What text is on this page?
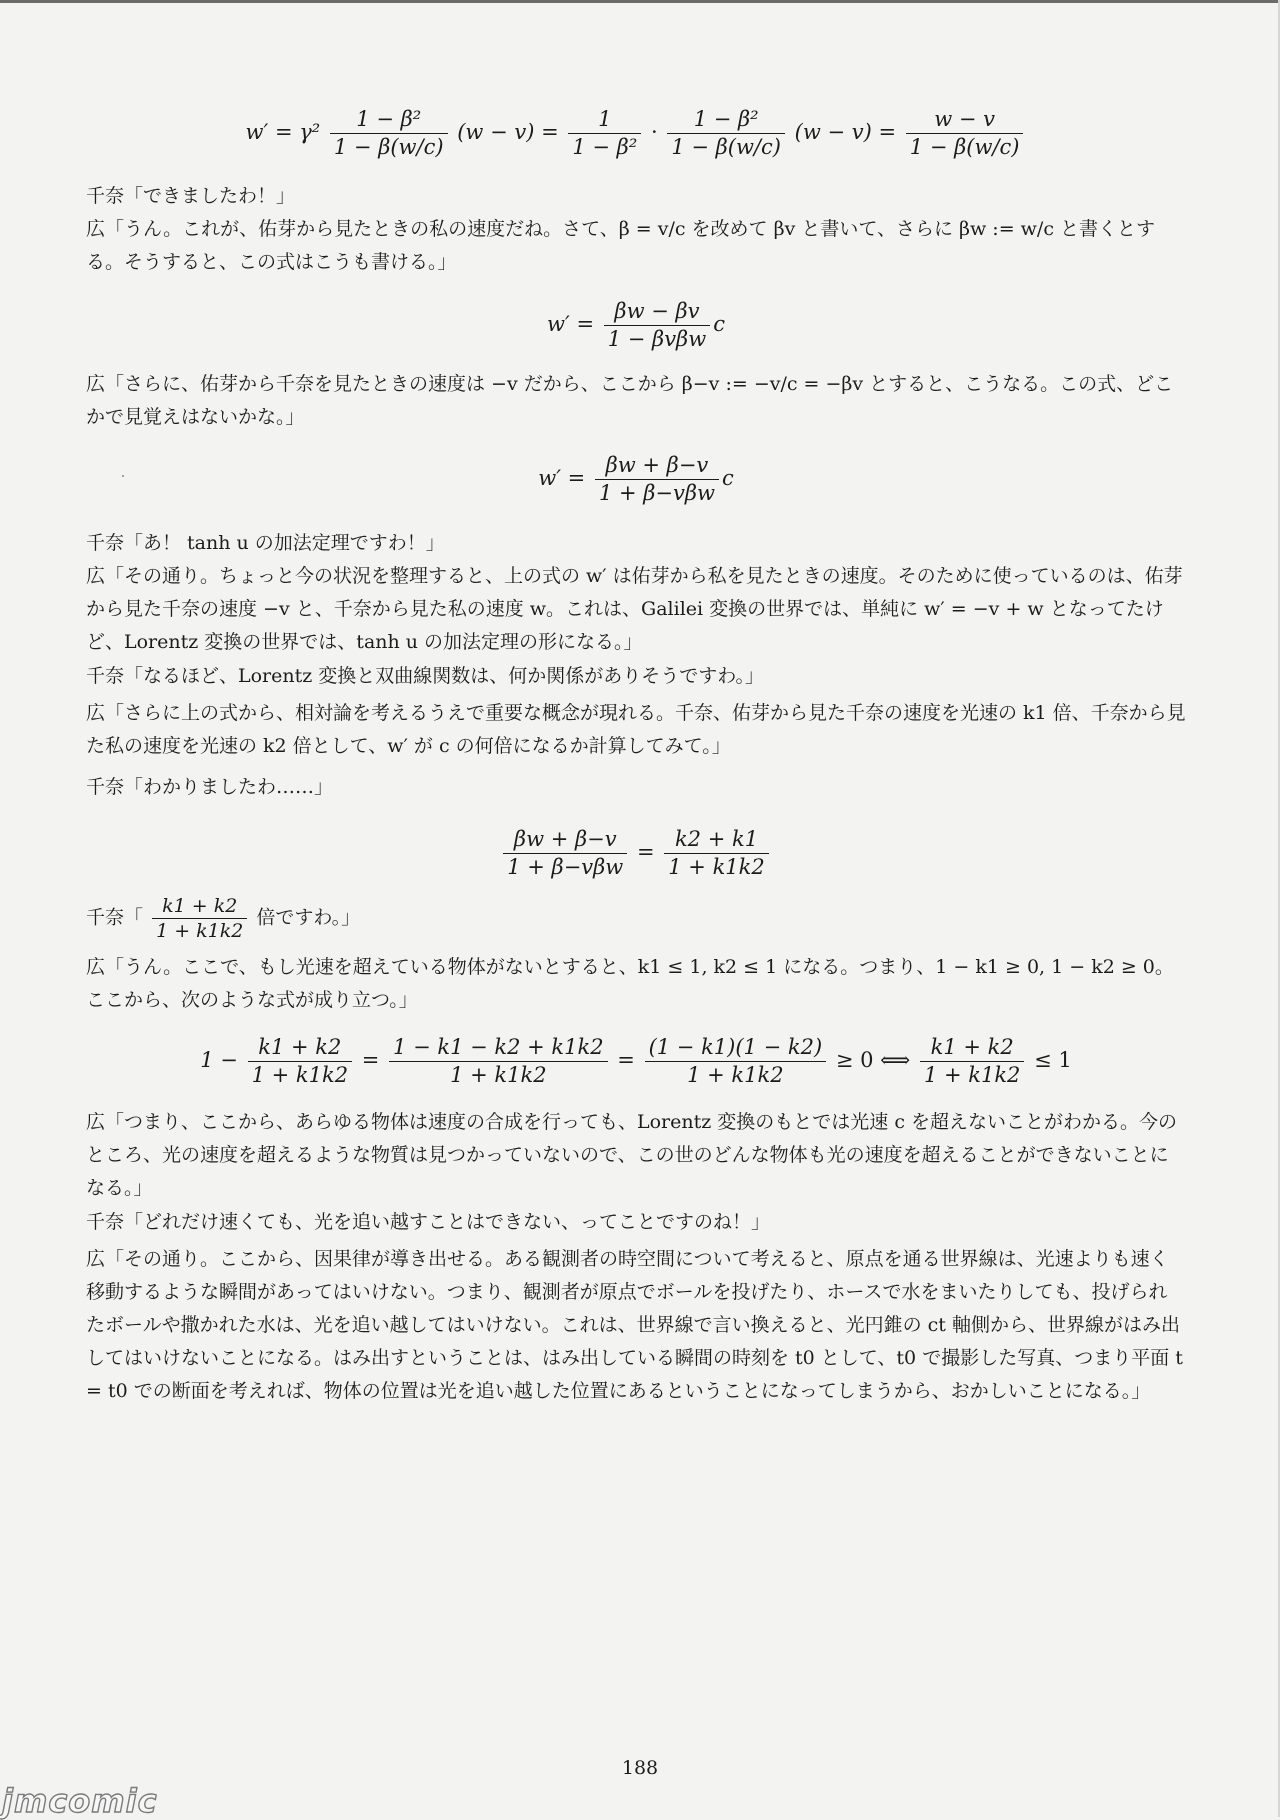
$w' = \gamma^2 \frac{\text{1 − β²}}{1 - \beta(w/c)} (w - v) = \frac{1}{\text{1 − β²}} \cdot \frac{\text{1 − β²}}{1 - \beta(w/c)} (w - v) = \frac{w - v}{1 - \beta(w/c)}$
千奈「できましたわ！」
広「うん。これが、佑芽から見たときの私の速度だね。さて、β = v/c を改めて βv と書いて、さらに βw := w/c と書くとする。そうすると、この式はこうも書ける。」
$w' = \frac{\beta w - \beta v}{\text{1 − βvβw}}$ c
広「さらに、佑芽から千奈を見たときの速度は −v だから、ここから β−v := −v/c = −βv とすると、こうなる。この式、どこかで見覚えはないかな。」
$w' = \frac{\beta w + \beta-v}{\text{1 + β−vβw}}$ c
千奈「あ！ tanh u の加法定理ですわ！」
広「その通り。ちょっと今の状況を整理すると、上の式の w′ は佑芽から私を見たときの速度。そのために使っているのは、佑芽から見た千奈の速度 −v と、千奈から見た私の速度 w。これは、Galilei 変換の世界では、単純に w′ = −v + w となってたけど、Lorentz 変換の世界では、tanh u の加法定理の形になる。」
千奈「なるほど、Lorentz 変換と双曲線関数は、何か関係がありそうですわ。」
広「さらに上の式から、相対論を考えるうえで重要な概念が現れる。千奈、佑芽から見た千奈の速度を光速の k1 倍、千奈から見た私の速度を光速の k2 倍として、w′ が c の何倍になるか計算してみて。」
千奈「わかりましたわ……」
$\frac{\beta w + \beta-v}{\text{1 + β−vβw}} = \frac{k2 + k1}{1 + k1k2}$
千奈「 $\frac{k1 + k2}{1 + k1k2}$ 倍ですわ。」
広「うん。ここで、もし光速を超えている物体がないとすると、k1 ≤ 1, k2 ≤ 1 になる。つまり、1 − k1 ≥ 0, 1 − k2 ≥ 0。ここから、次のような式が成り立つ。」
$1 - \frac{k1 + k2}{1 + k1k2} = \frac{1 - k1 - k2 + k1k2}{1 + k1k2} = \frac{(1 - k1)(1 - k2)}{1 + k1k2} \ge 0$ ⟺ $\frac{k1 + k2}{1 + k1k2} \le 1$
広「つまり、ここから、あらゆる物体は速度の合成を行っても、Lorentz 変換のもとでは光速 c を超えないことがわかる。今のところ、光の速度を超えるような物質は見つかっていないので、この世のどんな物体も光の速度を超えることができないことになる。」
千奈「どれだけ速くても、光を追い越すことはできない、ってことですのね！」
広「その通り。ここから、因果律が導き出せる。ある観測者の時空間について考えると、原点を通る世界線は、光速よりも速く移動するような瞬間があってはいけない。つまり、観測者が原点でボールを投げたり、ホースで水をまいたりしても、投げられたボールや撒かれた水は、光を追い越してはいけない。これは、世界線で言い換えると、光円錐の ct 軸側から、世界線がはみ出してはいけないことになる。はみ出すということは、はみ出している瞬間の時刻を t0 として、t0 で撮影した写真、つまり平面 t = t0 での断面を考えれば、物体の位置は光を追い越した位置にあるということになってしまうから、おかしいことになる。」
188
jmcomic
